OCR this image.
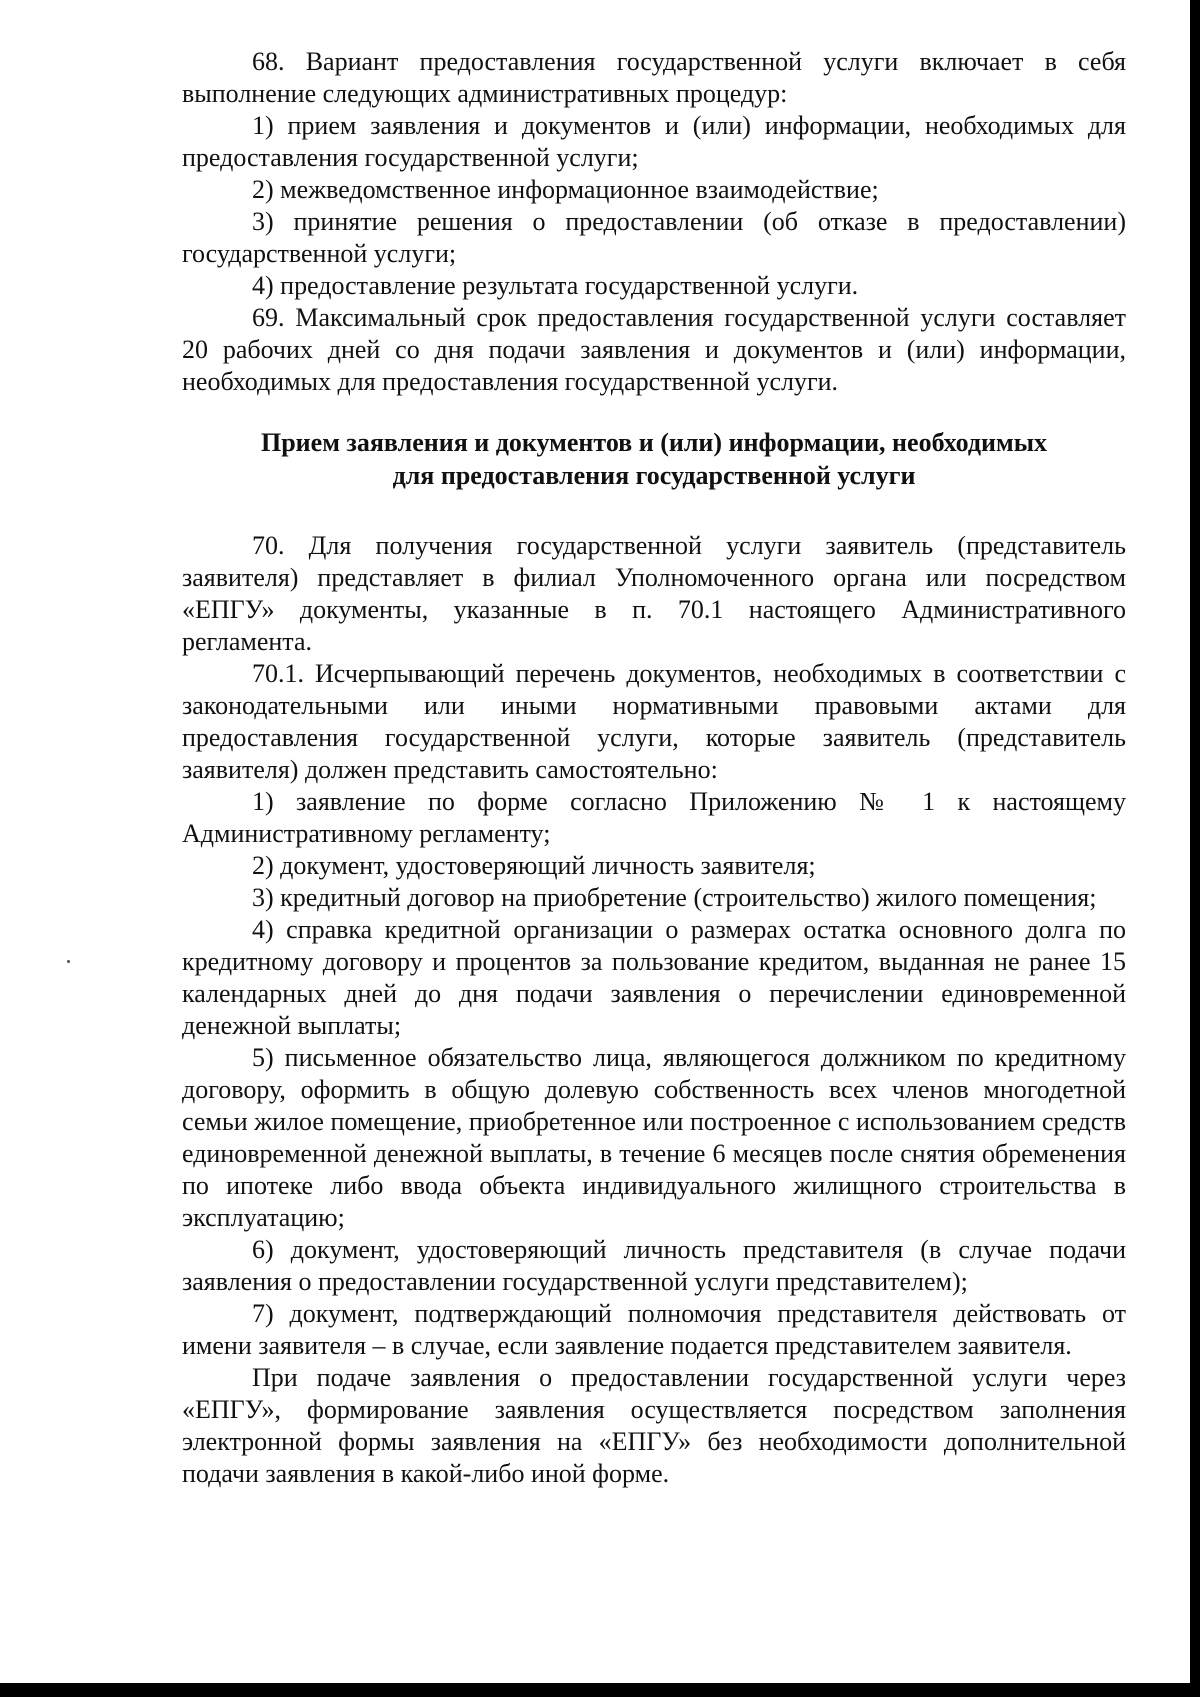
68. Вариант предоставления государственной услуги включает в себя выполнение следующих административных процедур:

1) прием заявления и документов и (или) информации, необходимых для предоставления государственной услуги;

2) межведомственное информационное взаимодействие;

3) принятие решения о предоставлении (об отказе в предоставлении) государственной услуги;

4) предоставление результата государственной услуги.

69. Максимальный срок предоставления государственной услуги составляет 20 рабочих дней со дня подачи заявления и документов и (или) информации, необходимых для предоставления государственной услуги.

Прием заявления и документов и (или) информации, необходимых
для предоставления государственной услуги

70. Для получения государственной услуги заявитель (представитель заявителя) представляет в филиал Уполномоченного органа или посредством «ЕПГУ» документы, указанные в п. 70.1 настоящего Административного регламента.

70.1. Исчерпывающий перечень документов, необходимых в соответствии с законодательными или иными нормативными правовыми актами для предоставления государственной услуги, которые заявитель (представитель заявителя) должен представить самостоятельно:

1) заявление по форме согласно Приложению № 1 к настоящему Административному регламенту;

2) документ, удостоверяющий личность заявителя;

3) кредитный договор на приобретение (строительство) жилого помещения;

4) справка кредитной организации о размерах остатка основного долга по кредитному договору и процентов за пользование кредитом, выданная не ранее 15 календарных дней до дня подачи заявления о перечислении единовременной денежной выплаты;

5) письменное обязательство лица, являющегося должником по кредитному договору, оформить в общую долевую собственность всех членов многодетной семьи жилое помещение, приобретенное или построенное с использованием средств единовременной денежной выплаты, в течение 6 месяцев после снятия обременения по ипотеке либо ввода объекта индивидуального жилищного строительства в эксплуатацию;

6) документ, удостоверяющий личность представителя (в случае подачи заявления о предоставлении государственной услуги представителем);

7) документ, подтверждающий полномочия представителя действовать от имени заявителя – в случае, если заявление подается представителем заявителя.

При подаче заявления о предоставлении государственной услуги через «ЕПГУ», формирование заявления осуществляется посредством заполнения электронной формы заявления на «ЕПГУ» без необходимости дополнительной подачи заявления в какой-либо иной форме.
